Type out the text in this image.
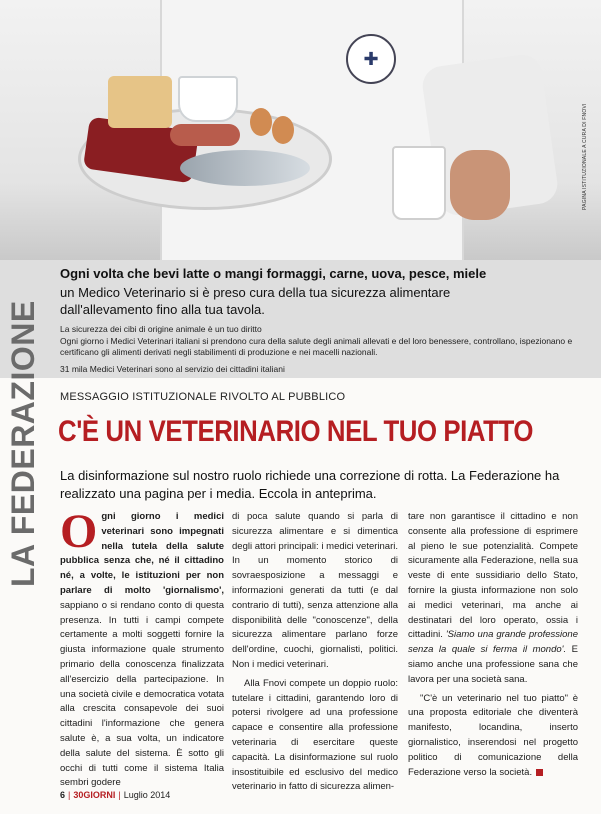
✚
PAGINA ISTITUZIONALE A CURA DI FNOVI
Ogni volta che bevi latte o mangi formaggi, carne, uova, pesce, miele
un Medico Veterinario si è preso cura della tua sicurezza alimentare dall'allevamento fino alla tua tavola.
La sicurezza dei cibi di origine animale è un tuo diritto
Ogni giorno i Medici Veterinari italiani si prendono cura della salute degli animali allevati e del loro benessere, controllano, ispezionano e certificano gli alimenti derivati negli stabilimenti di produzione e nei macelli nazionali.
31 mila Medici Veterinari sono al servizio dei cittadini italiani
LA FEDERAZIONE MESSAGGIO ISTITUZIONALE RIVOLTO AL PUBBLICO
C'È UN VETERINARIO NEL TUO PIATTO
La disinformazione sul nostro ruolo richiede una correzione di rotta. La Federazione ha realizzato una pagina per i media. Eccola in anteprima.

Ogni giorno i medici veterinari sono impegnati nella tutela della salute pubblica senza che, né il cittadino né, a volte, le istituzioni per non parlare di molto 'giornalismo', sappiano o si rendano conto di questa presenza. In tutti i campi compete certamente a molti soggetti fornire la giusta informazione quale strumento primario della conoscenza finalizzata all'esercizio della partecipazione. In una società civile e democratica votata alla crescita consapevole dei suoi cittadini l'informazione che genera salute è, a sua volta, un indicatore della salute del sistema. È sotto gli occhi di tutti come il sistema Italia sembri godere

di poca salute quando si parla di sicurezza alimentare e si dimentica degli attori principali: i medici veterinari. In un momento storico di sovraesposizione a messaggi e informazioni generati da tutti (e dal contrario di tutti), senza attenzione alla disponibilità delle "conoscenze", della sicurezza alimentare parlano forze dell'ordine, cuochi, giornalisti, politici. Non i medici veterinari.

Alla Fnovi compete un doppio ruolo: tutelare i cittadini, garantendo loro di potersi rivolgere ad una professione capace e consentire alla professione veterinaria di esercitare queste capacità. La disinformazione sul ruolo insostituibile ed esclusivo del medico veterinario in fatto di sicurezza alimen-

tare non garantisce il cittadino e non consente alla professione di esprimere al pieno le sue potenzialità. Compete sicuramente alla Federazione, nella sua veste di ente sussidiario dello Stato, fornire la giusta informazione non solo ai medici veterinari, ma anche ai destinatari del loro operato, ossia i cittadini. 'Siamo una grande professione senza la quale si ferma il mondo'. E siamo anche una professione sana che lavora per una società sana.

"C'è un veterinario nel tuo piatto" è una proposta editoriale che diventerà manifesto, locandina, inserto giornalistico, inserendosi nel progetto politico di comunicazione della Federazione verso la società.

6 | 30GIORNI | Luglio 2014
